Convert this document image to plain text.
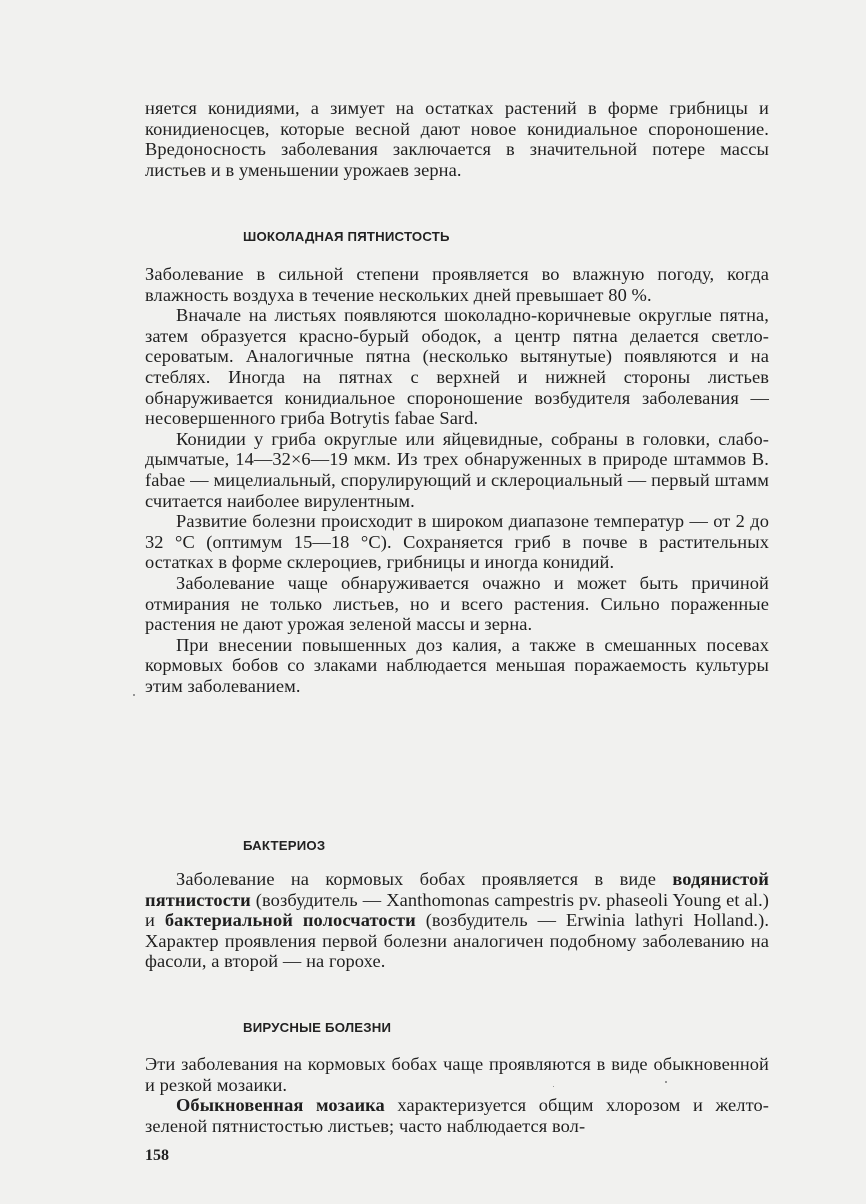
няется конидиями, а зимует на остатках растений в форме грибницы и конидиеносцев, которые весной дают новое конидиальное спороношение. Вредоносность заболевания заключается в значительной потере массы листьев и в уменьшении урожаев зерна.

ШОКОЛАДНАЯ ПЯТНИСТОСТЬ

Заболевание в сильной степени проявляется во влажную погоду, когда влажность воздуха в течение нескольких дней превышает 80 %.

Вначале на листьях появляются шоколадно-коричневые округлые пятна, затем образуется красно-бурый ободок, а центр пятна делается светло-сероватым. Аналогичные пятна (несколько вытянутые) появляются и на стеблях. Иногда на пятнах с верхней и нижней стороны листьев обнаруживается конидиальное спороношение возбудителя заболевания — несовершенного гриба Botrytis fabae Sard.

Конидии у гриба округлые или яйцевидные, собраны в головки, слабо-дымчатые, 14—32×6—19 мкм. Из трех обнаруженных в природе штаммов B. fabae — мицелиальный, спорулирующий и склероциальный — первый штамм считается наиболее вирулентным.

Развитие болезни происходит в широком диапазоне температур — от 2 до 32 °C (оптимум 15—18 °C). Сохраняется гриб в почве в растительных остатках в форме склероциев, грибницы и иногда конидий.

Заболевание чаще обнаруживается очажно и может быть причиной отмирания не только листьев, но и всего растения. Сильно пораженные растения не дают урожая зеленой массы и зерна.

При внесении повышенных доз калия, а также в смешанных посевах кормовых бобов со злаками наблюдается меньшая поражаемость культуры этим заболеванием.

БАКТЕРИОЗ

Заболевание на кормовых бобах проявляется в виде водянистой пятнистости (возбудитель — Xanthomonas campestris pv. phaseoli Young et al.) и бактериальной полосчатости (возбудитель — Erwinia lathyri Holland.). Характер проявления первой болезни аналогичен подобному заболеванию на фасоли, а второй — на горохе.

ВИРУСНЫЕ БОЛЕЗНИ

Эти заболевания на кормовых бобах чаще проявляются в виде обыкновенной и резкой мозаики.

Обыкновенная мозаика характеризуется общим хлорозом и желто-зеленой пятнистостью листьев; часто наблюдается вол-

158
